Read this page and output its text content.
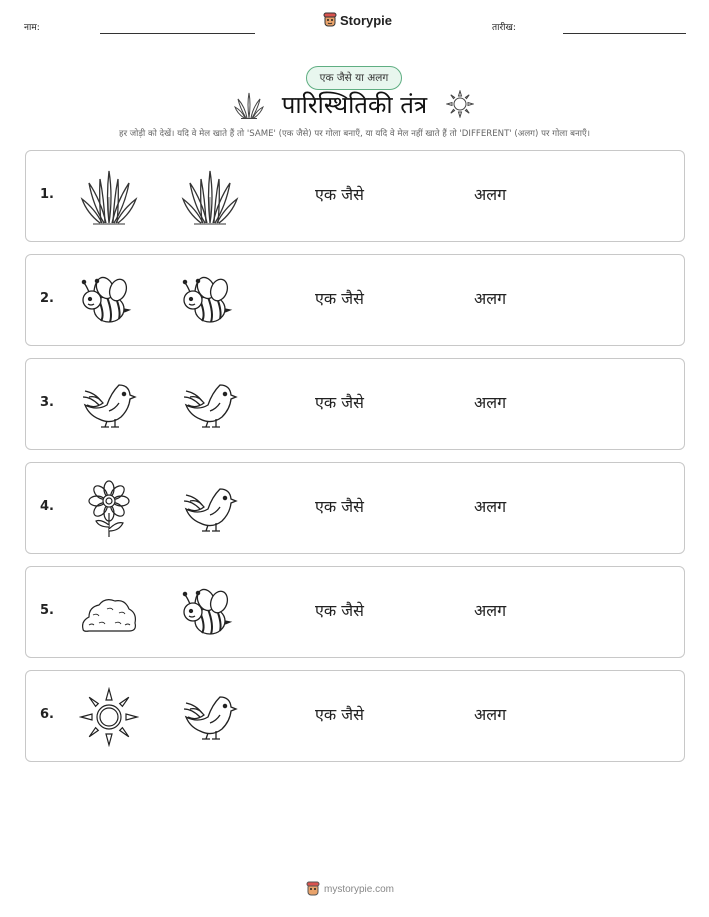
नाम:
Storypie
तारीख:
एक जैसे या अलग
पारिस्थितिकी तंत्र
हर जोड़ी को देखें। यदि वे मेल खाते हैं तो 'SAME' (एक जैसे) पर गोला बनाएँ, या यदि वे मेल नहीं खाते हैं तो 'DIFFERENT' (अलग) पर गोला बनाएँ।
1.	एक जैसे	अलग
2.	एक जैसे	अलग
3.	एक जैसे	अलग
4.	एक जैसे	अलग
5.	एक जैसे	अलग
6.	एक जैसे	अलग
mystorypie.com
